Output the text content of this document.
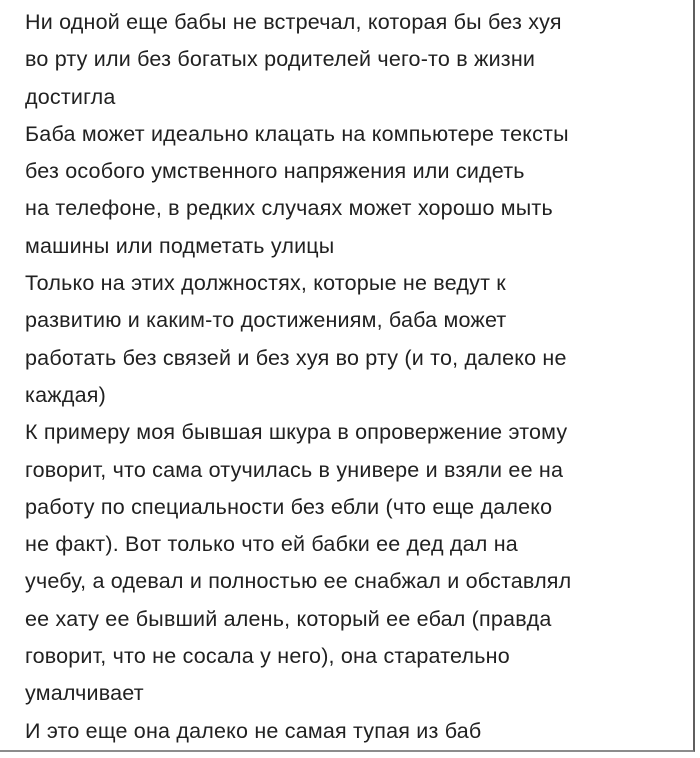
Ни одной еще бабы не встречал, которая бы без хуя
во рту или без богатых родителей чего-то в жизни
достигла
Баба может идеально клацать на компьютере тексты
без особого умственного напряжения или сидеть
на телефоне, в редких случаях может хорошо мыть
машины или подметать улицы
Только на этих должностях, которые не ведут к
развитию и каким-то достижениям, баба может
работать без связей и без хуя во рту (и то, далеко не
каждая)
К примеру моя бывшая шкура в опровержение этому
говорит, что сама отучилась в универе и взяли ее на
работу по специальности без ебли (что еще далеко
не факт). Вот только что ей бабки ее дед дал на
учебу, а одевал и полностью ее снабжал и обставлял
ее хату ее бывший алень, который ее ебал (правда
говорит, что не сосала у него), она старательно
умалчивает
И это еще она далеко не самая тупая из баб
